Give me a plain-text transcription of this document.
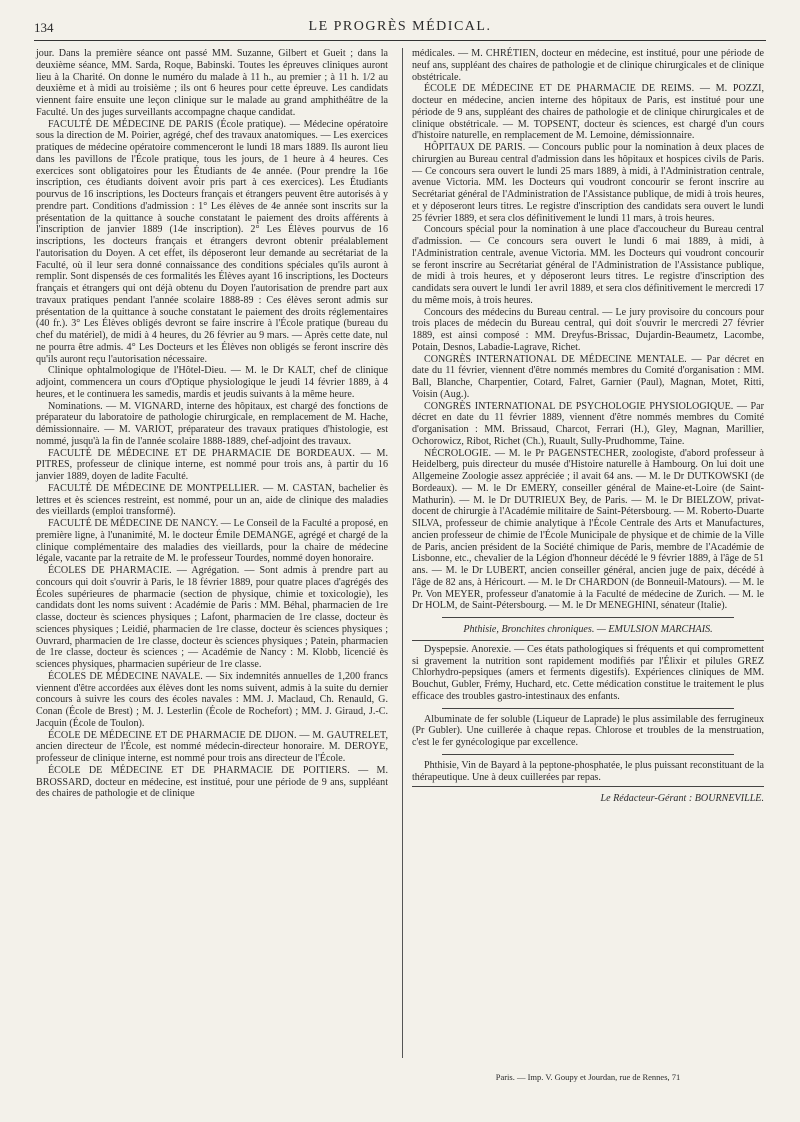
134	LE PROGRÈS MÉDICAL.

jour. Dans la première séance ont passé MM. Suzanne, Gilbert et Gueit ; dans la deuxième séance, MM. Sarda, Roque, Babinski. Toutes les épreuves cliniques auront lieu à la Charité. On donne le numéro du malade à 11 h., au premier ; à 11 h. 1/2 au deuxième et à midi au troisième ; ils ont 6 heures pour cette épreuve. Les candidats viennent faire ensuite une leçon clinique sur le malade au grand amphithéâtre de la Faculté. Un des juges surveillants accompagne chaque candidat.

FACULTÉ DE MÉDECINE DE PARIS (École pratique). — Médecine opératoire sous la direction de M. Poirier, agrégé, chef des travaux anatomiques. — Les exercices pratiques de médecine opératoire commenceront le lundi 18 mars 1889. Ils auront lieu dans les pavillons de l'École pratique, tous les jours, de 1 heure à 4 heures. Ces exercices sont obligatoires pour les Étudiants de 4e année. (Pour prendre la 16e inscription, ces étudiants doivent avoir pris part à ces exercices). Les Étudiants pourvus de 16 inscriptions, les Docteurs français et étrangers peuvent être autorisés à y prendre part. Conditions d'admission : 1° Les élèves de 4e année sont inscrits sur la présentation de la quittance à souche constatant le paiement des droits afférents à l'inscription de janvier 1889 (14e inscription). 2° Les Élèves pourvus de 16 inscriptions, les docteurs français et étrangers devront obtenir préalablement l'autorisation du Doyen. A cet effet, ils déposeront leur demande au secrétariat de la Faculté, où il leur sera donné connaissance des conditions spéciales qu'ils auront à remplir. Sont dispensés de ces formalités les Élèves ayant 16 inscriptions, les Docteurs français et étrangers qui ont déjà obtenu du Doyen l'autorisation de prendre part aux travaux pratiques pendant l'année scolaire 1888-89 : Ces élèves seront admis sur présentation de la quittance à souche constatant le paiement des droits réglementaires (40 fr.). 3° Les Élèves obligés devront se faire inscrire à l'École pratique (bureau du chef du matériel), de midi à 4 heures, du 26 février au 9 mars. — Après cette date, nul ne pourra être admis. 4° Les Docteurs et les Élèves non obligés se feront inscrire dès qu'ils auront reçu l'autorisation nécessaire.

Clinique ophtalmologique de l'Hôtel-Dieu. — M. le Dr KALT, chef de clinique adjoint, commencera un cours d'Optique physiologique le jeudi 14 février 1889, à 4 heures, et le continuera les samedis, mardis et jeudis suivants à la même heure.

Nominations. — M. VIGNARD, interne des hôpitaux, est chargé des fonctions de préparateur du laboratoire de pathologie chirurgicale, en remplacement de M. Hache, démissionnaire. — M. VARIOT, préparateur des travaux pratiques d'histologie, est nommé, jusqu'à la fin de l'année scolaire 1888-1889, chef-adjoint des travaux.

FACULTÉ DE MÉDECINE ET DE PHARMACIE DE BORDEAUX. — M. PITRES, professeur de clinique interne, est nommé pour trois ans, à partir du 16 janvier 1889, doyen de ladite Faculté.

FACULTÉ DE MÉDECINE DE MONTPELLIER. — M. CASTAN, bachelier ès lettres et ès sciences restreint, est nommé, pour un an, aide de clinique des maladies des vieillards (emploi transformé).

FACULTÉ DE MÉDECINE DE NANCY. — Le Conseil de la Faculté a proposé, en première ligne, à l'unanimité, M. le docteur Émile DEMANGE, agrégé et chargé de la clinique complémentaire des maladies des vieillards, pour la chaire de médecine légale, vacante par la retraite de M. le professeur Tourdes, nommé doyen honoraire.

ÉCOLES DE PHARMACIE. — Agrégation. — Sont admis à prendre part au concours qui doit s'ouvrir à Paris, le 18 février 1889, pour quatre places d'agrégés des Écoles supérieures de pharmacie (section de physique, chimie et toxicologie), les candidats dont les noms suivent : Académie de Paris : MM. Béhal, pharmacien de 1re classe, docteur ès sciences physiques ; Lafont, pharmacien de 1re classe, docteur ès sciences physiques ; Leidié, pharmacien de 1re classe, docteur ès sciences physiques ; Ouvrard, pharmacien de 1re classe, docteur ès sciences physiques ; Patein, pharmacien de 1re classe, docteur ès sciences ; — Académie de Nancy : M. Klobb, licencié ès sciences physiques, pharmacien supérieur de 1re classe.

ÉCOLES DE MÉDECINE NAVALE. — Six indemnités annuelles de 1,200 francs viennent d'être accordées aux élèves dont les noms suivent, admis à la suite du dernier concours à suivre les cours des écoles navales : MM. J. Maclaud, Ch. Renauld, G. Conan (École de Brest) ; M. J. Lesterlin (École de Rochefort) ; MM. J. Giraud, J.-C. Jacquin (École de Toulon).

ÉCOLE DE MÉDECINE ET DE PHARMACIE DE DIJON. — M. GAUTRELET, ancien directeur de l'École, est nommé médecin-directeur honoraire. M. DEROYE, professeur de clinique interne, est nommé pour trois ans directeur de l'École.

ÉCOLE DE MÉDECINE ET DE PHARMACIE DE POITIERS. — M. BROSSARD, docteur en médecine, est institué, pour une période de 9 ans, suppléant des chaires de pathologie et de clinique

médicales. — M. CHRÉTIEN, docteur en médecine, est institué, pour une période de neuf ans, suppléant des chaires de pathologie et de clinique chirurgicales et de clinique obstétricale.

ÉCOLE DE MÉDECINE ET DE PHARMACIE DE REIMS. — M. POZZI, docteur en médecine, ancien interne des hôpitaux de Paris, est institué pour une période de 9 ans, suppléant des chaires de pathologie et de clinique chirurgicales et de clinique obstétricale. — M. TOPSENT, docteur ès sciences, est chargé d'un cours d'histoire naturelle, en remplacement de M. Lemoine, démissionnaire.

HÔPITAUX DE PARIS. — Concours public pour la nomination à deux places de chirurgien au Bureau central d'admission dans les hôpitaux et hospices civils de Paris. — Ce concours sera ouvert le lundi 25 mars 1889, à midi, à l'Administration centrale, avenue Victoria. MM. les Docteurs qui voudront concourir se feront inscrire au Secrétariat général de l'Administration de l'Assistance publique, de midi à trois heures, et y déposeront leurs titres. Le registre d'inscription des candidats sera ouvert le lundi 25 février 1889, et sera clos définitivement le lundi 11 mars, à trois heures.

Concours spécial pour la nomination à une place d'accoucheur du Bureau central d'admission. — Ce concours sera ouvert le lundi 6 mai 1889, à midi, à l'Administration centrale, avenue Victoria. MM. les Docteurs qui voudront concourir se feront inscrire au Secrétariat général de l'Administration de l'Assistance publique, de midi à trois heures, et y déposeront leurs titres. Le registre d'inscription des candidats sera ouvert le lundi 1er avril 1889, et sera clos définitivement le mercredi 17 du même mois, à trois heures.

Concours des médecins du Bureau central. — Le jury provisoire du concours pour trois places de médecin du Bureau central, qui doit s'ouvrir le mercredi 27 février 1889, est ainsi composé : MM. Dreyfus-Brissac, Dujardin-Beaumetz, Lacombe, Potain, Desnos, Labadie-Lagrave, Richet.

CONGRÈS INTERNATIONAL DE MÉDECINE MENTALE. — Par décret en date du 11 février, viennent d'être nommés membres du Comité d'organisation : MM. Ball, Blanche, Charpentier, Cotard, Falret, Garnier (Paul), Magnan, Motet, Ritti, Voisin (Aug.).

CONGRÈS INTERNATIONAL DE PSYCHOLOGIE PHYSIOLOGIQUE. — Par décret en date du 11 février 1889, viennent d'être nommés membres du Comité d'organisation : MM. Brissaud, Charcot, Ferrari (H.), Gley, Magnan, Marillier, Ochorowicz, Ribot, Richet (Ch.), Ruault, Sully-Prudhomme, Taine.

NÉCROLOGIE. — M. le Pr PAGENSTECHER, zoologiste, d'abord professeur à Heidelberg, puis directeur du musée d'Histoire naturelle à Hambourg. On lui doit une Allgemeine Zoologie assez appréciée ; il avait 64 ans. — M. le Dr DUTKOWSKI (de Bordeaux). — M. le Dr EMERY, conseiller général de Maine-et-Loire (de Saint-Mathurin). — M. le Dr DUTRIEUX Bey, de Paris. — M. le Dr BIELZOW, privat-docent de chirurgie à l'Académie militaire de Saint-Pétersbourg. — M. Roberto-Duarte SILVA, professeur de chimie analytique à l'École Centrale des Arts et Manufactures, ancien professeur de chimie de l'École Municipale de physique et de chimie de la Ville de Paris, ancien président de la Société chimique de Paris, membre de l'Académie de Lisbonne, etc., chevalier de la Légion d'honneur décédé le 9 février 1889, à l'âge de 51 ans. — M. le Dr LUBERT, ancien conseiller général, ancien juge de paix, décédé à l'âge de 82 ans, à Héricourt. — M. le Dr CHARDON (de Bonneuil-Matours). — M. le Pr. Von MEYER, professeur d'anatomie à la Faculté de médecine de Zurich. — M. le Dr HOLM, de Saint-Pétersbourg. — M. le Dr MENEGHINI, sénateur (Italie).

Phthisie, Bronchites chroniques. — EMULSION MARCHAIS.

Dyspepsie. Anorexie. — Ces états pathologiques si fréquents et qui compromettent si gravement la nutrition sont rapidement modifiés par l'Élixir et pilules GREZ Chlorhydro-pepsiques (amers et ferments digestifs). Expériences cliniques de MM. Bouchut, Gubler, Frémy, Huchard, etc. Cette médication constitue le traitement le plus efficace des troubles gastro-intestinaux des enfants.

Albuminate de fer soluble (Liqueur de Laprade) le plus assimilable des ferrugineux (Pr Gubler). Une cuillerée à chaque repas. Chlorose et troubles de la menstruation, c'est le fer gynécologique par excellence.

Phthisie, Vin de Bayard à la peptone-phosphatée, le plus puissant reconstituant de la thérapeutique. Une à deux cuillerées par repas.

Le Rédacteur-Gérant : BOURNEVILLE.
Paris. — Imp. V. Goupy et Jourdan, rue de Rennes, 71
